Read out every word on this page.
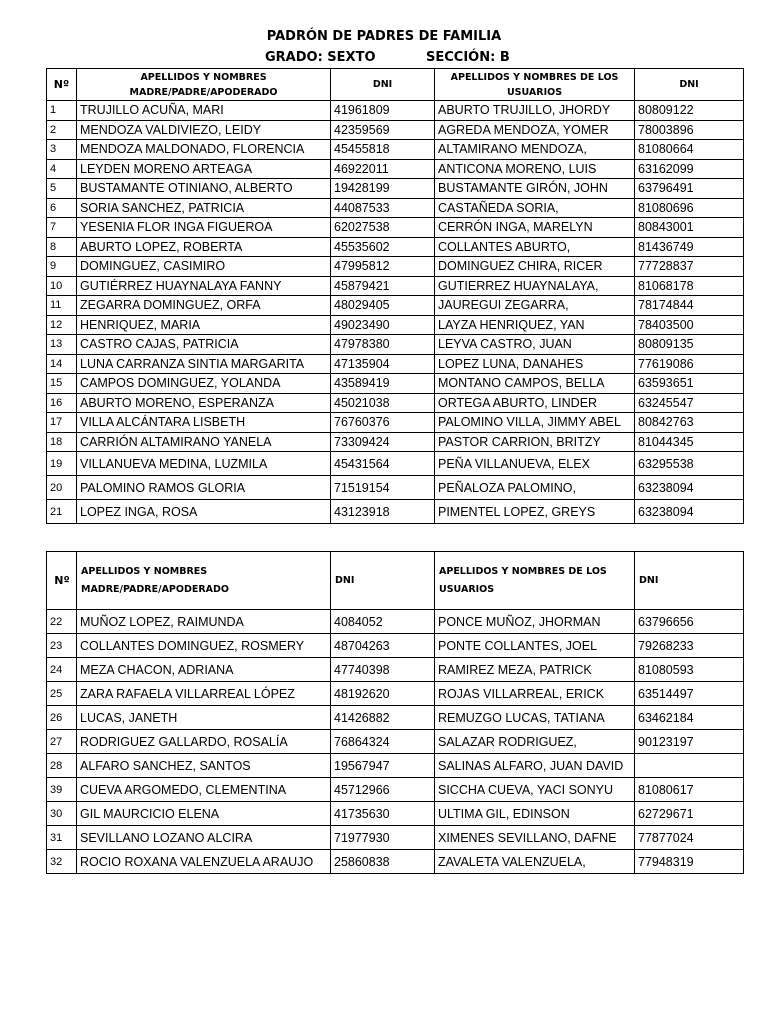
PADRÓN DE PADRES DE FAMILIA
GRADO: SEXTO	SECCIÓN: B
Nº	APELLIDOS Y NOMBRES MADRE/PADRE/APODERADO	DNI	APELLIDOS Y NOMBRES DE LOS USUARIOS	DNI
1	TRUJILLO ACUÑA, MARI	41961809	ABURTO TRUJILLO, JHORDY	80809122
2	MENDOZA VALDIVIEZO, LEIDY	42359569	AGREDA MENDOZA, YOMER	78003896
3	MENDOZA MALDONADO, FLORENCIA	45455818	ALTAMIRANO MENDOZA,	81080664
4	LEYDEN MORENO ARTEAGA	46922011	ANTICONA MORENO, LUIS	63162099
5	BUSTAMANTE OTINIANO, ALBERTO	19428199	BUSTAMANTE GIRÓN, JOHN	63796491
6	SORIA SANCHEZ, PATRICIA	44087533	CASTAÑEDA SORIA,	81080696
7	YESENIA FLOR INGA FIGUEROA	62027538	CERRÓN INGA, MARELYN	80843001
8	ABURTO LOPEZ, ROBERTA	45535602	COLLANTES ABURTO,	81436749
9	DOMINGUEZ, CASIMIRO	47995812	DOMINGUEZ CHIRA, RICER	77728837
10	GUTIÉRREZ HUAYNALAYA FANNY	45879421	GUTIERREZ HUAYNALAYA,	81068178
11	ZEGARRA DOMINGUEZ, ORFA	48029405	JAUREGUI ZEGARRA,	78174844
12	HENRIQUEZ, MARIA	49023490	LAYZA HENRIQUEZ, YAN	78403500
13	CASTRO CAJAS, PATRICIA	47978380	LEYVA CASTRO, JUAN	80809135
14	LUNA CARRANZA SINTIA MARGARITA	47135904	LOPEZ LUNA, DANAHES	77619086
15	CAMPOS DOMINGUEZ, YOLANDA	43589419	MONTANO CAMPOS, BELLA	63593651
16	ABURTO MORENO, ESPERANZA	45021038	ORTEGA ABURTO, LINDER	63245547
17	VILLA ALCÁNTARA LISBETH	76760376	PALOMINO VILLA, JIMMY ABEL	80842763
18	CARRIÓN ALTAMIRANO YANELA	73309424	PASTOR CARRION, BRITZY	81044345
19	VILLANUEVA MEDINA, LUZMILA	45431564	PEÑA VILLANUEVA, ELEX	63295538
20	PALOMINO RAMOS GLORIA	71519154	PEÑALOZA PALOMINO,	63238094
21	LOPEZ INGA, ROSA	43123918	PIMENTEL LOPEZ, GREYS	63238094
Nº	APELLIDOS Y NOMBRES MADRE/PADRE/APODERADO	DNI	APELLIDOS Y NOMBRES DE LOS USUARIOS	DNI
22	MUÑOZ LOPEZ, RAIMUNDA	4084052	PONCE MUÑOZ, JHORMAN	63796656
23	COLLANTES DOMINGUEZ, ROSMERY	48704263	PONTE COLLANTES, JOEL	79268233
24	MEZA CHACON, ADRIANA	47740398	RAMIREZ MEZA, PATRICK	81080593
25	ZARA RAFAELA VILLARREAL LÓPEZ	48192620	ROJAS VILLARREAL, ERICK	63514497
26	LUCAS, JANETH	41426882	REMUZGO LUCAS, TATIANA	63462184
27	RODRIGUEZ GALLARDO, ROSALÍA	76864324	SALAZAR RODRIGUEZ,	90123197
28	ALFARO SANCHEZ, SANTOS	19567947	SALINAS ALFARO, JUAN DAVID	
39	CUEVA ARGOMEDO, CLEMENTINA	45712966	SICCHA CUEVA, YACI SONYU	81080617
30	GIL MAURCICIO ELENA	41735630	ULTIMA GIL, EDINSON	62729671
31	SEVILLANO LOZANO ALCIRA	71977930	XIMENES SEVILLANO, DAFNE	77877024
32	ROCIO ROXANA VALENZUELA ARAUJO	25860838	ZAVALETA VALENZUELA,	77948319
